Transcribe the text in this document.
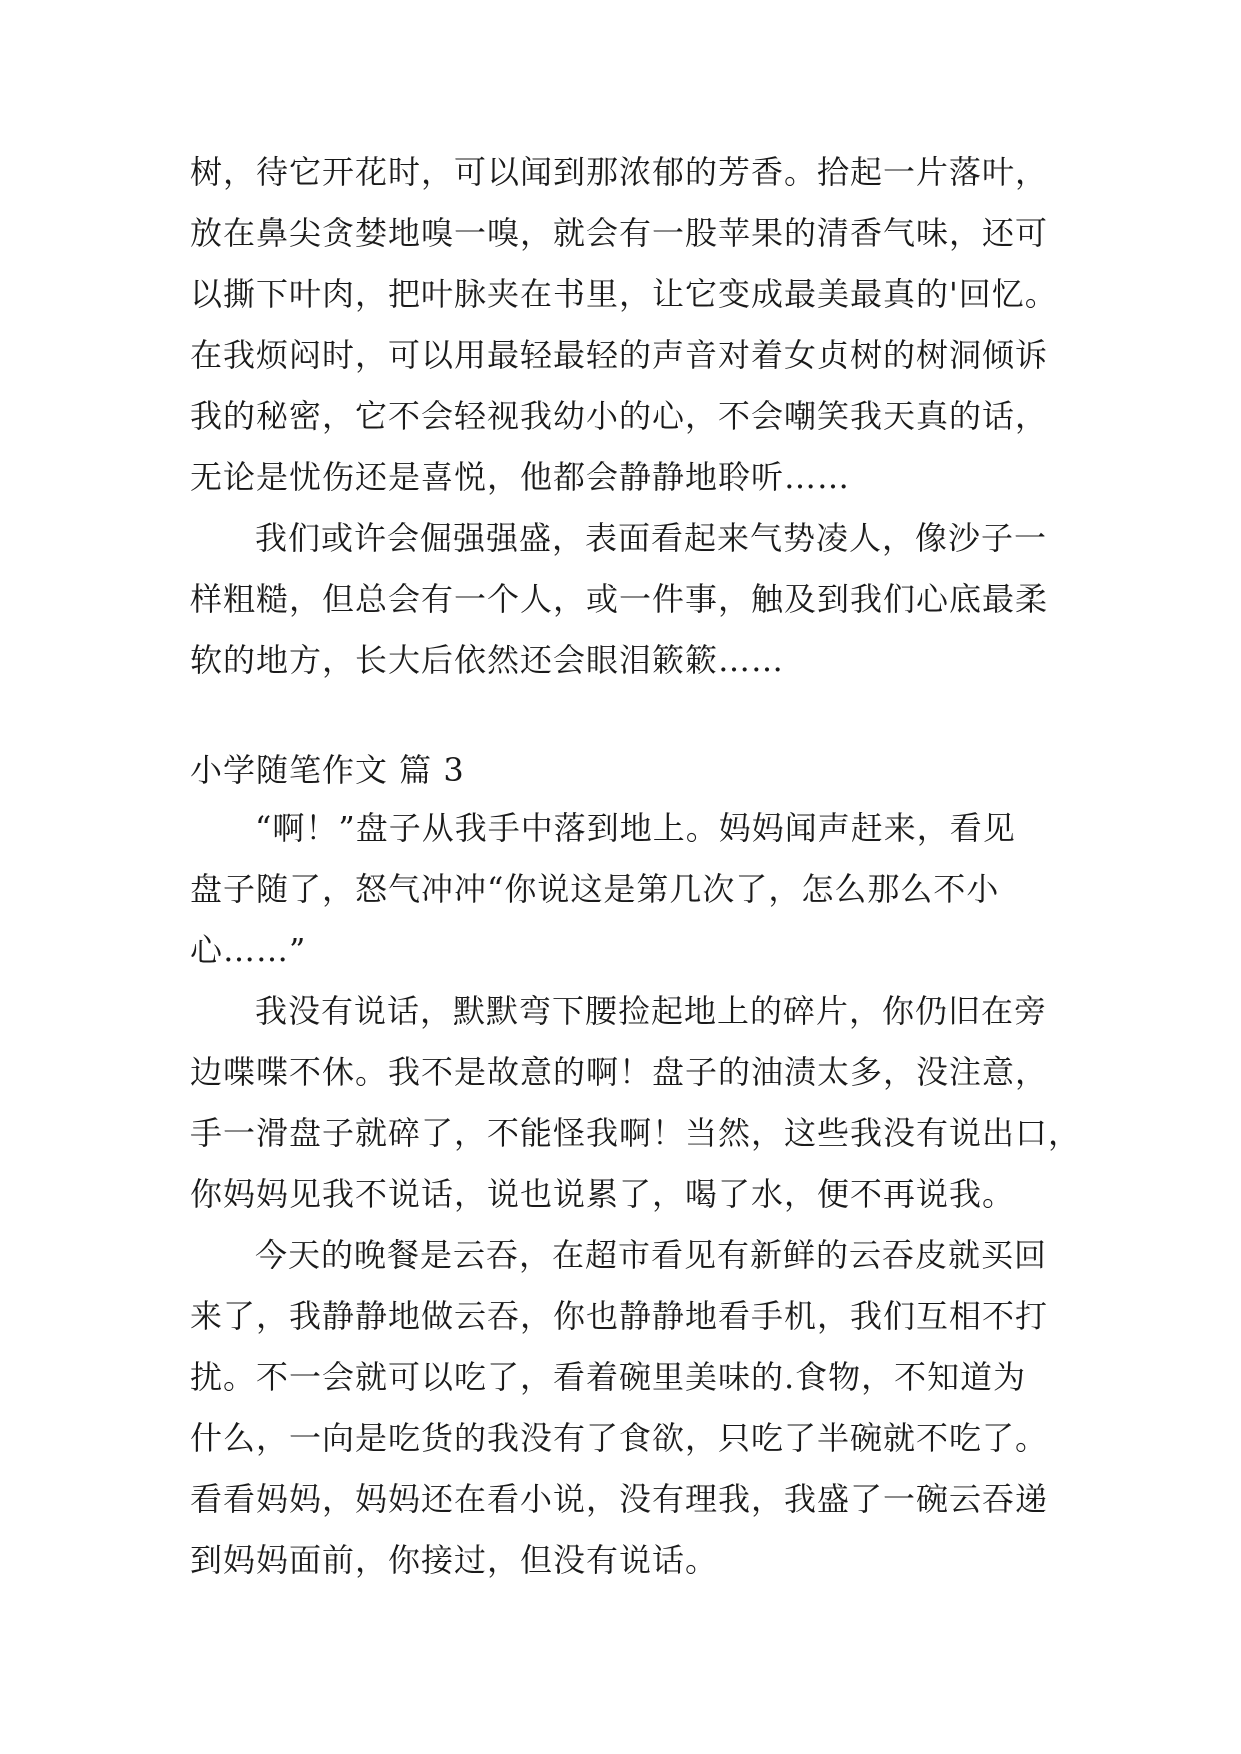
树，待它开花时，可以闻到那浓郁的芳香。拾起一片落叶，
放在鼻尖贪婪地嗅一嗅，就会有一股苹果的清香气味，还可
以撕下叶肉，把叶脉夹在书里，让它变成最美最真的'回忆。
在我烦闷时，可以用最轻最轻的声音对着女贞树的树洞倾诉
我的秘密，它不会轻视我幼小的心，不会嘲笑我天真的话，
无论是忧伤还是喜悦，他都会静静地聆听……
我们或许会倔强强盛，表面看起来气势凌人，像沙子一
样粗糙，但总会有一个人，或一件事，触及到我们心底最柔
软的地方，长大后依然还会眼泪簌簌……
小学随笔作文 篇 3
“啊！”盘子从我手中落到地上。妈妈闻声赶来，看见
盘子随了，怒气冲冲“你说这是第几次了，怎么那么不小
心……”
我没有说话，默默弯下腰捡起地上的碎片，你仍旧在旁
边喋喋不休。我不是故意的啊！盘子的油渍太多，没注意，
手一滑盘子就碎了，不能怪我啊！当然，这些我没有说出口，
你妈妈见我不说话，说也说累了，喝了水，便不再说我。
今天的晚餐是云吞，在超市看见有新鲜的云吞皮就买回
来了，我静静地做云吞，你也静静地看手机，我们互相不打
扰。不一会就可以吃了，看着碗里美味的.食物，不知道为
什么，一向是吃货的我没有了食欲，只吃了半碗就不吃了。
看看妈妈，妈妈还在看小说，没有理我，我盛了一碗云吞递
到妈妈面前，你接过，但没有说话。
